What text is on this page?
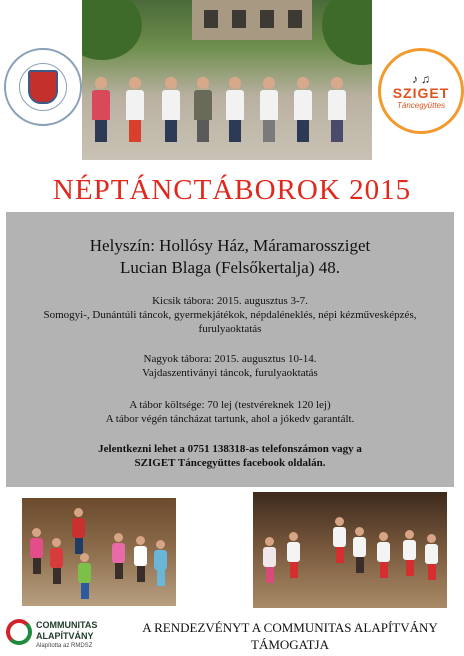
♪ ♫
SZIGET
Táncegyüttes
NÉPTÁNCTÁBOROK 2015
Helyszín: Hollósy Ház, Máramarossziget
Lucian Blaga (Felsőkertalja) 48.
Kicsik tábora: 2015. augusztus 3-7.
Somogyi-, Dunántúli táncok, gyermekjátékok, népdaléneklés, népi kézművesképzés,
furulyaoktatás
Nagyok tábora: 2015. augusztus 10-14.
Vajdaszentiványi táncok, furulyaoktatás
A tábor költsége: 70 lej (testvéreknek 120 lej)
A tábor végén táncházat tartunk, ahol a jókedv garantált.
Jelentkezni lehet a 0751 138318-as telefonszámon vagy a
SZIGET Táncegyüttes facebook oldalán.
COMMUNITAS
ALAPÍTVÁNY
Alapította az RMDSZ
A RENDEZVÉNYT A COMMUNITAS ALAPÍTVÁNY
TÁMOGATJA
